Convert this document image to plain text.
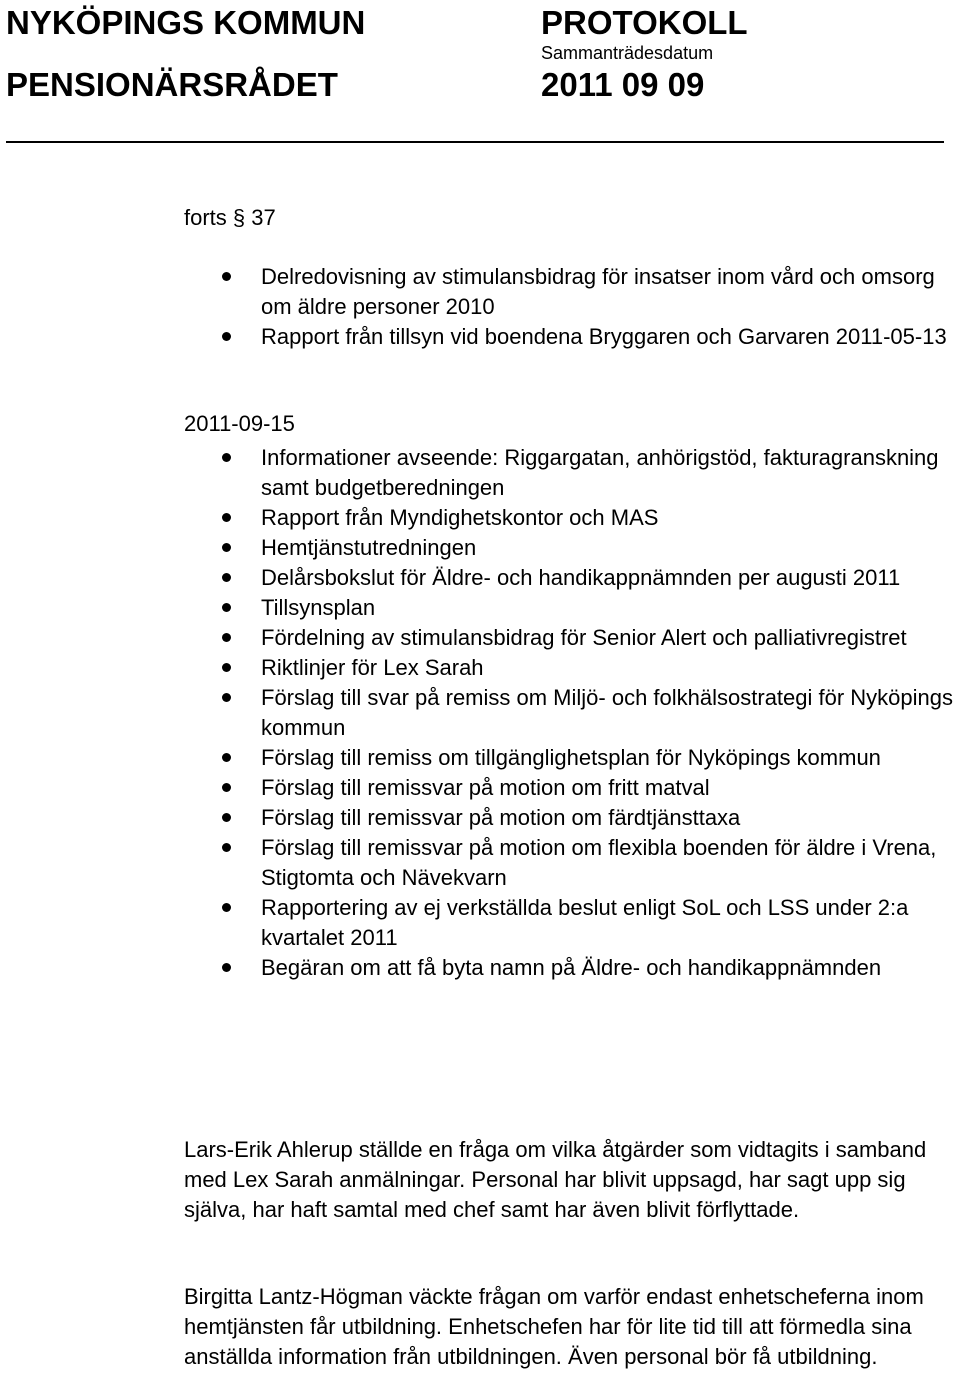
NYKÖPINGS KOMMUN
PENSIONÄRSRÅDET
PROTOKOLL
Sammanträdesdatum
2011 09 09
forts § 37
Delredovisning av stimulansbidrag för insatser inom vård och omsorg om äldre personer 2010
Rapport från tillsyn vid boendena Bryggaren och Garvaren 2011-05-13
2011-09-15
Informationer avseende: Riggargatan, anhörigstöd, fakturagranskning samt budgetberedningen
Rapport från Myndighetskontor och MAS
Hemtjänstutredningen
Delårsbokslut för Äldre- och handikappnämnden per augusti 2011
Tillsynsplan
Fördelning av stimulansbidrag för Senior Alert och palliativregistret
Riktlinjer för Lex Sarah
Förslag till svar på remiss om Miljö- och folkhälsostrategi för Nyköpings kommun
Förslag till remiss om tillgänglighetsplan för Nyköpings kommun
Förslag till remissvar på motion om fritt matval
Förslag till remissvar på motion om färdtjänsttaxa
Förslag till remissvar på motion om flexibla boenden för äldre i Vrena, Stigtomta och Nävekvarn
Rapportering av ej verkställda beslut enligt SoL och LSS under 2:a kvartalet 2011
Begäran om att få byta namn på Äldre- och handikappnämnden

Lars-Erik Ahlerup ställde en fråga om vilka åtgärder som vidtagits i samband med Lex Sarah anmälningar. Personal har blivit uppsagd, har sagt upp sig själva, har haft samtal med chef samt har även blivit förflyttade.

Birgitta Lantz-Högman väckte frågan om varför endast enhetscheferna inom hemtjänsten får utbildning. Enhetschefen har för lite tid till att förmedla sina anställda information från utbildningen. Även personal bör få utbildning.
